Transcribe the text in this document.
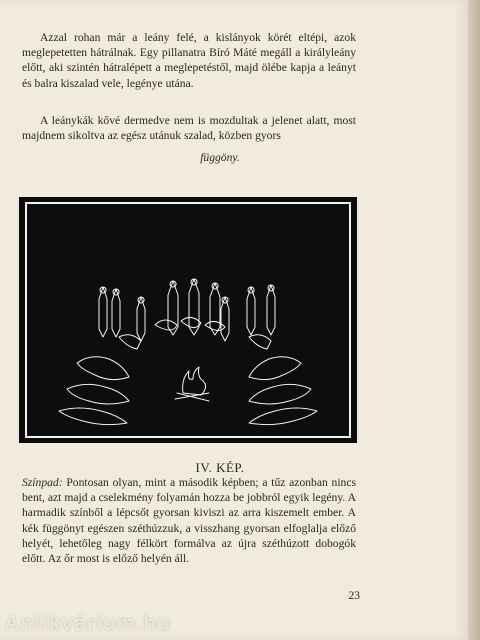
Azzal rohan már a leány felé, a kislányok körét eltépi, azok meglepetetten hátrálnak. Egy pillanatra Bíró Máté megáll a királyleány előtt, aki szintén hátralépett a meglepetéstől, majd ölébe kapja a leányt és balra kiszalad vele, legénye utána.

A leánykák kővé dermedve nem is mozdultak a jelenet alatt, most majdnem sikoltva az egész utánuk szalad, közben gyors

függöny.
IV. KÉP.

Színpad: Pontosan olyan, mint a második képben; a tűz azonban nincs bent, azt majd a cselekmény folyamán hozza be jobbról egyik legény. A harmadik színből a lépcsőt gyorsan kiviszi az arra kiszemelt ember. A kék függönyt egészen széthúzzuk, a visszhang gyorsan elfoglalja előző helyét, lehetőleg nagy félkört formálva az újra széthúzott dobogók előtt. Az őr most is előző helyén áll.

23
Antikvárium.hu
